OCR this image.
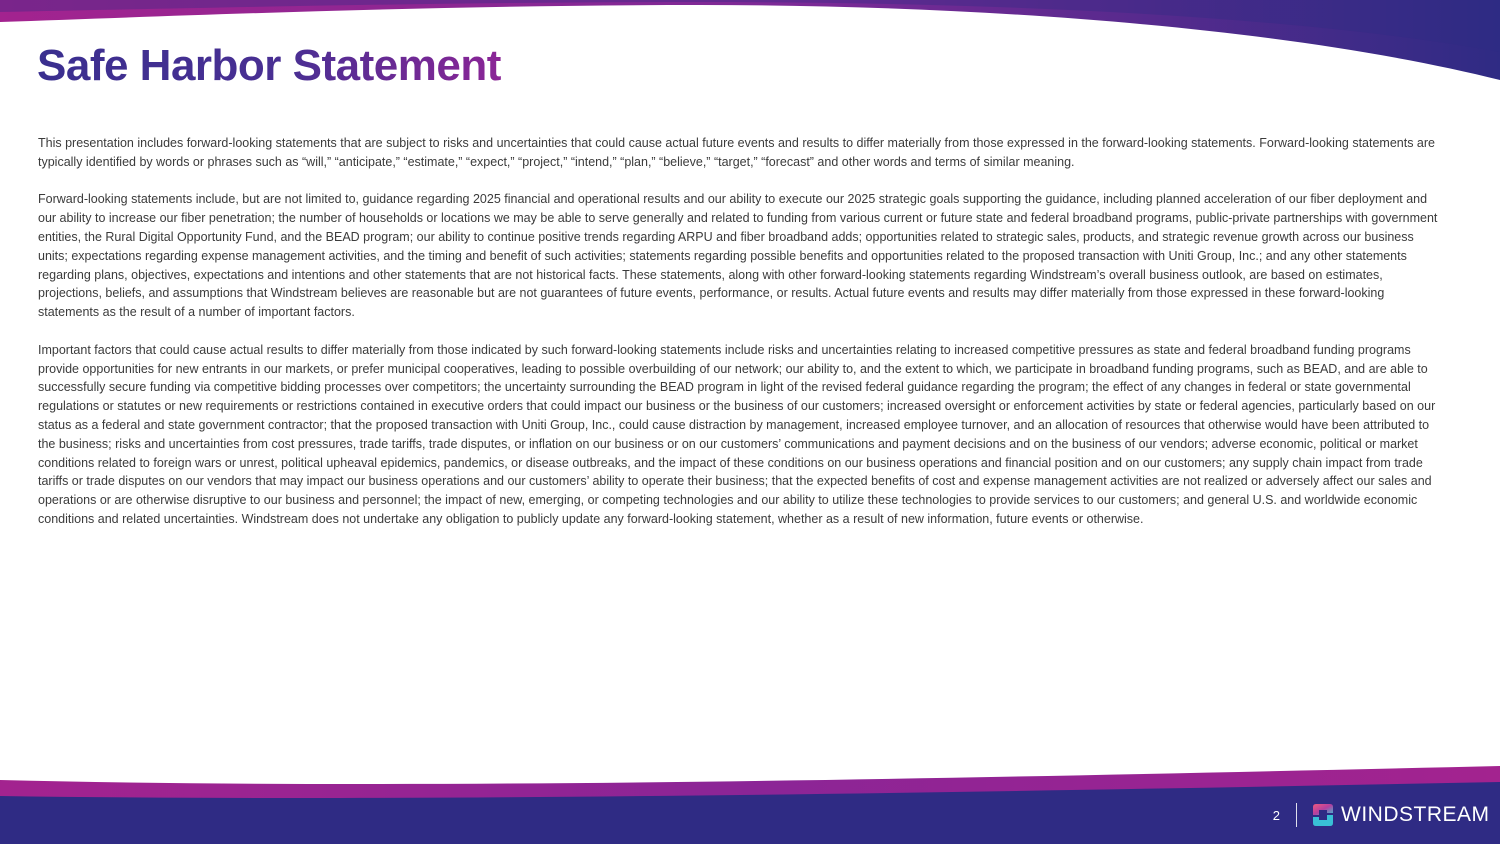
Safe Harbor Statement

This presentation includes forward-looking statements that are subject to risks and uncertainties that could cause actual future events and results to differ materially from those expressed in the forward-looking statements. Forward-looking statements are typically identified by words or phrases such as “will,” “anticipate,” “estimate,” “expect,” “project,” “intend,” “plan,” “believe,” “target,” “forecast” and other words and terms of similar meaning.

Forward-looking statements include, but are not limited to, guidance regarding 2025 financial and operational results and our ability to execute our 2025 strategic goals supporting the guidance, including planned acceleration of our fiber deployment and our ability to increase our fiber penetration; the number of households or locations we may be able to serve generally and related to funding from various current or future state and federal broadband programs, public-private partnerships with government entities, the Rural Digital Opportunity Fund, and the BEAD program; our ability to continue positive trends regarding ARPU and fiber broadband adds; opportunities related to strategic sales, products, and strategic revenue growth across our business units; expectations regarding expense management activities, and the timing and benefit of such activities; statements regarding possible benefits and opportunities related to the proposed transaction with Uniti Group, Inc.; and any other statements regarding plans, objectives, expectations and intentions and other statements that are not historical facts. These statements, along with other forward-looking statements regarding Windstream’s overall business outlook, are based on estimates, projections, beliefs, and assumptions that Windstream believes are reasonable but are not guarantees of future events, performance, or results. Actual future events and results may differ materially from those expressed in these forward-looking statements as the result of a number of important factors.

Important factors that could cause actual results to differ materially from those indicated by such forward-looking statements include risks and uncertainties relating to increased competitive pressures as state and federal broadband funding programs provide opportunities for new entrants in our markets, or prefer municipal cooperatives, leading to possible overbuilding of our network; our ability to, and the extent to which, we participate in broadband funding programs, such as BEAD, and are able to successfully secure funding via competitive bidding processes over competitors; the uncertainty surrounding the BEAD program in light of the revised federal guidance regarding the program; the effect of any changes in federal or state governmental regulations or statutes or new requirements or restrictions contained in executive orders that could impact our business or the business of our customers; increased oversight or enforcement activities by state or federal agencies, particularly based on our status as a federal and state government contractor; that the proposed transaction with Uniti Group, Inc., could cause distraction by management, increased employee turnover, and an allocation of resources that otherwise would have been attributed to the business; risks and uncertainties from cost pressures, trade tariffs, trade disputes, or inflation on our business or on our customers’ communications and payment decisions and on the business of our vendors; adverse economic, political or market conditions related to foreign wars or unrest, political upheaval epidemics, pandemics, or disease outbreaks, and the impact of these conditions on our business operations and financial position and on our customers; any supply chain impact from trade tariffs or trade disputes on our vendors that may impact our business operations and our customers’ ability to operate their business; that the expected benefits of cost and expense management activities are not realized or adversely affect our sales and operations or are otherwise disruptive to our business and personnel; the impact of new, emerging, or competing technologies and our ability to utilize these technologies to provide services to our customers; and general U.S. and worldwide economic conditions and related uncertainties. Windstream does not undertake any obligation to publicly update any forward-looking statement, whether as a result of new information, future events or otherwise.

2	WINDSTREAM
